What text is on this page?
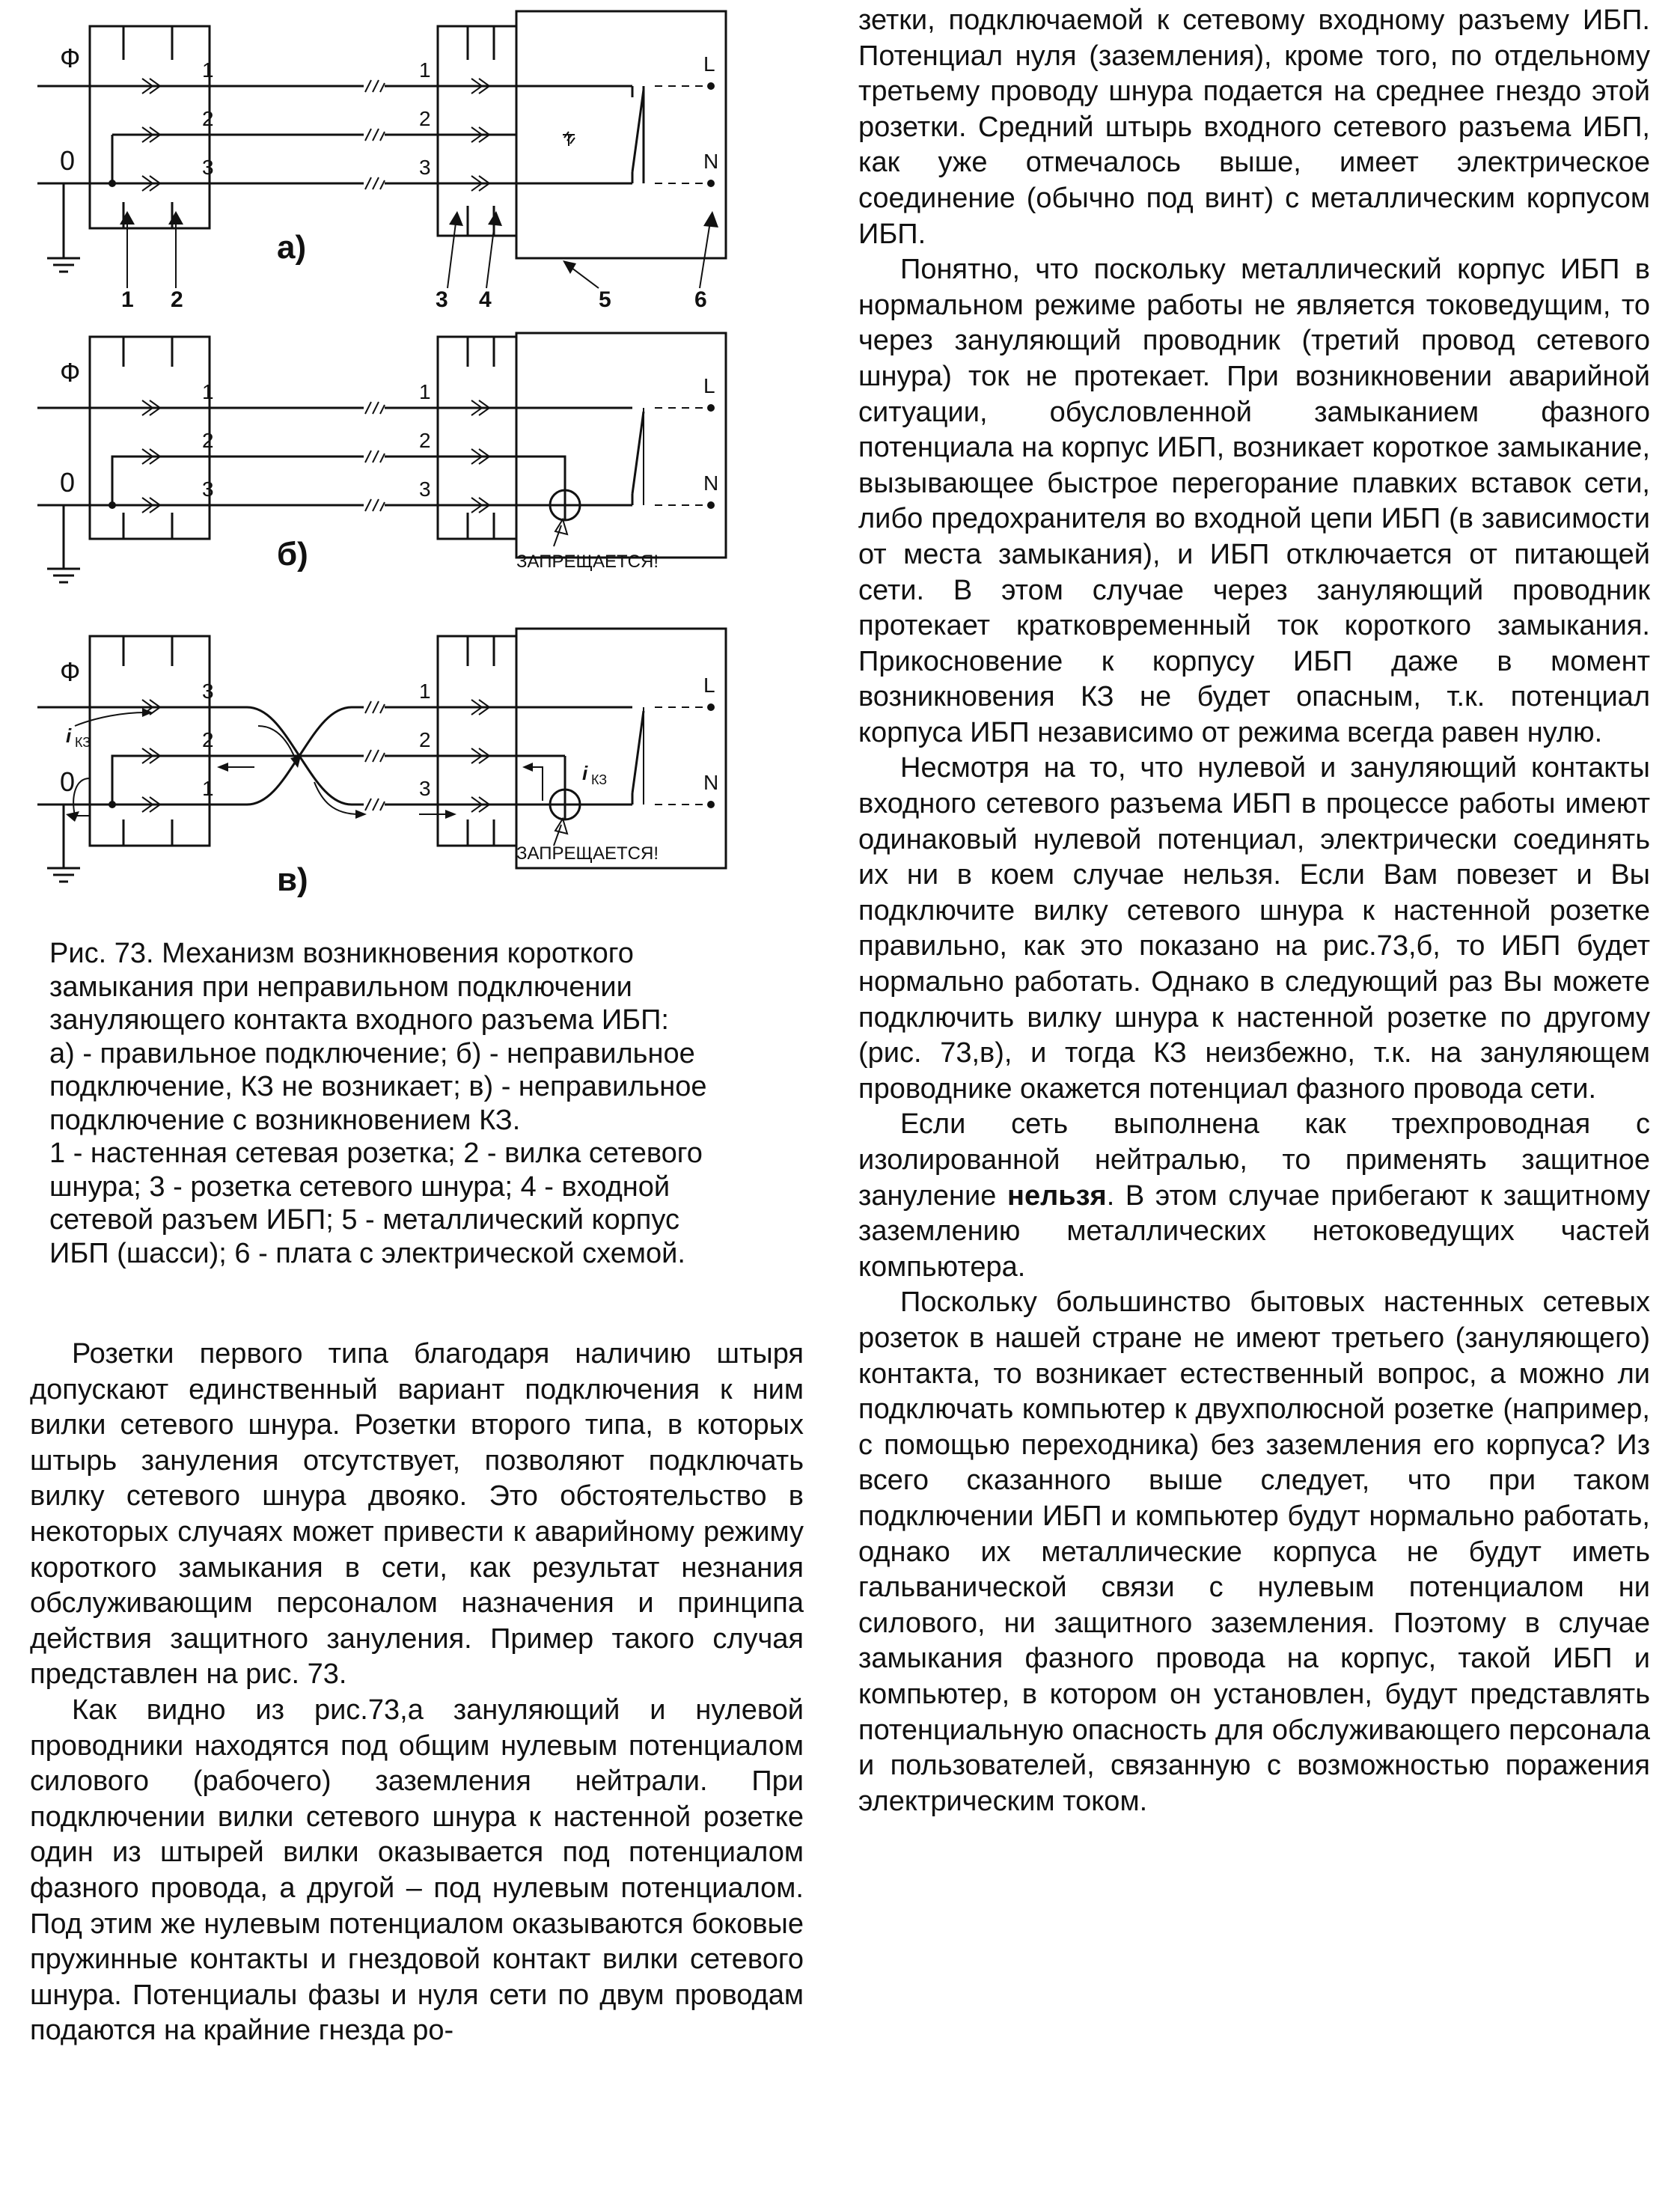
Ф
0
1
2
3
1
2
3
L
N
1 2	3 4	5	6
а)
Ф
0
1
2
3
1
2
3
L
N
ЗАПРЕЩАЕТСЯ!
б)
Ф
0
3
2
1
1
2
3
i КЗ
i КЗ
L
N
ЗАПРЕЩАЕТСЯ!
в)
Рис. 73. Механизм возникновения короткого
замыкания при неправильном подключении
зануляющего контакта входного разъема ИБП:
а) - правильное подключение; б) - неправильное
подключение, КЗ не возникает; в) - неправильное
подключение с возникновением КЗ.
1 - настенная сетевая розетка; 2 - вилка сетевого
шнура; 3 - розетка сетевого шнура; 4 - входной
сетевой разъем ИБП; 5 - металлический корпус
ИБП (шасси); 6 - плата с электрической схемой.

Розетки первого типа благодаря наличию штыря допускают единственный вариант подключения к ним вилки сетевого шнура. Розетки второго типа, в которых штырь зануления отсутствует, позволяют подключать вилку сетевого шнура двояко. Это обстоятельство в некоторых случаях может привести к аварийному режиму короткого замыкания в сети, как результат незнания обслуживающим персоналом назначения и принципа действия защитного зануления. Пример такого случая представлен на рис. 73.

Как видно из рис.73,а зануляющий и нулевой проводники находятся под общим нулевым потенциалом силового (рабочего) заземления нейтрали. При подключении вилки сетевого шнура к настенной розетке один из штырей вилки оказывается под потенциалом фазного провода, а другой – под нулевым потенциалом. Под этим же нулевым потенциалом оказываются боковые пружинные контакты и гнездовой контакт вилки сетевого шнура. Потенциалы фазы и нуля сети по двум проводам подаются на крайние гнезда ро-

зетки, подключаемой к сетевому входному разъему ИБП. Потенциал нуля (заземления), кроме того, по отдельному третьему проводу шнура подается на среднее гнездо этой розетки. Средний штырь входного сетевого разъема ИБП, как уже отмечалось выше, имеет электрическое соединение (обычно под винт) с металлическим корпусом ИБП.

Понятно, что поскольку металлический корпус ИБП в нормальном режиме работы не является токоведущим, то через зануляющий проводник (третий провод сетевого шнура) ток не протекает. При возникновении аварийной ситуации, обусловленной замыканием фазного потенциала на корпус ИБП, возникает короткое замыкание, вызывающее быстрое перегорание плавких вставок сети, либо предохранителя во входной цепи ИБП (в зависимости от места замыкания), и ИБП отключается от питающей сети. В этом случае через зануляющий проводник протекает кратковременный ток короткого замыкания. Прикосновение к корпусу ИБП даже в момент возникновения КЗ не будет опасным, т.к. потенциал корпуса ИБП независимо от режима всегда равен нулю.

Несмотря на то, что нулевой и зануляющий контакты входного сетевого разъема ИБП в процессе работы имеют одинаковый нулевой потенциал, электрически соединять их ни в коем случае нельзя. Если Вам повезет и Вы подключите вилку сетевого шнура к настенной розетке правильно, как это показано на рис.73,б, то ИБП будет нормально работать. Однако в следующий раз Вы можете подключить вилку шнура к настенной розетке по другому (рис. 73,в), и тогда КЗ неизбежно, т.к. на зануляющем проводнике окажется потенциал фазного провода сети.

Если сеть выполнена как трехпроводная с изолированной нейтралью, то применять защитное зануление нельзя. В этом случае прибегают к защитному заземлению металлических нетоковедущих частей компьютера.

Поскольку большинство бытовых настенных сетевых розеток в нашей стране не имеют третьего (зануляющего) контакта, то возникает естественный вопрос, а можно ли подключать компьютер к двухполюсной розетке (например, с помощью переходника) без заземления его корпуса? Из всего сказанного выше следует, что при таком подключении ИБП и компьютер будут нормально работать, однако их металлические корпуса не будут иметь гальванической связи с нулевым потенциалом ни силового, ни защитного заземления. Поэтому в случае замыкания фазного провода на корпус, такой ИБП и компьютер, в котором он установлен, будут представлять потенциальную опасность для обслуживающего персонала и пользователей, связанную с возможностью поражения электрическим током.
